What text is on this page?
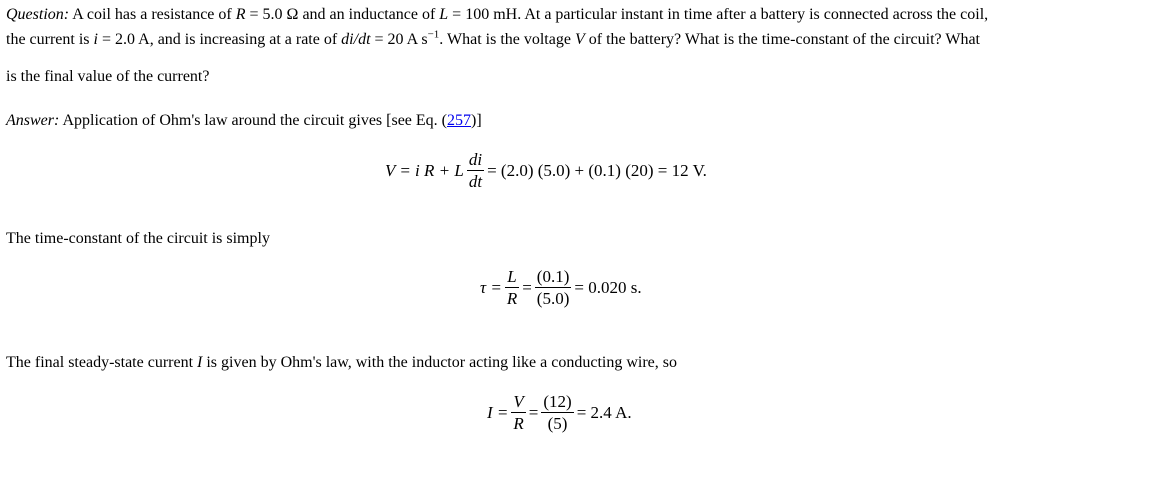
Question: A coil has a resistance of R = 5.0 Ω and an inductance of L = 100 mH. At a particular instant in time after a battery is connected across the coil,
the current is i = 2.0 A, and is increasing at a rate of di/dt = 20 A $s^{-1}$. What is the voltage V of the battery? What is the time-constant of the circuit? What
is the final value of the current?
Answer: Application of Ohm's law around the circuit gives [see Eq. (257)]
V = i R + L $\frac{di}{dt} = (2.0) (5.0) + (0.1) (20) = 12$ V.
The time-constant of the circuit is simply
$\tau = \frac{L}{R} = \frac{(0.1)}{(5.0)} = 0.020$ s.
The final steady-state current I is given by Ohm's law, with the inductor acting like a conducting wire, so
$I = \frac{V}{R} = \frac{(12)}{(5)} = 2.4$ A.
